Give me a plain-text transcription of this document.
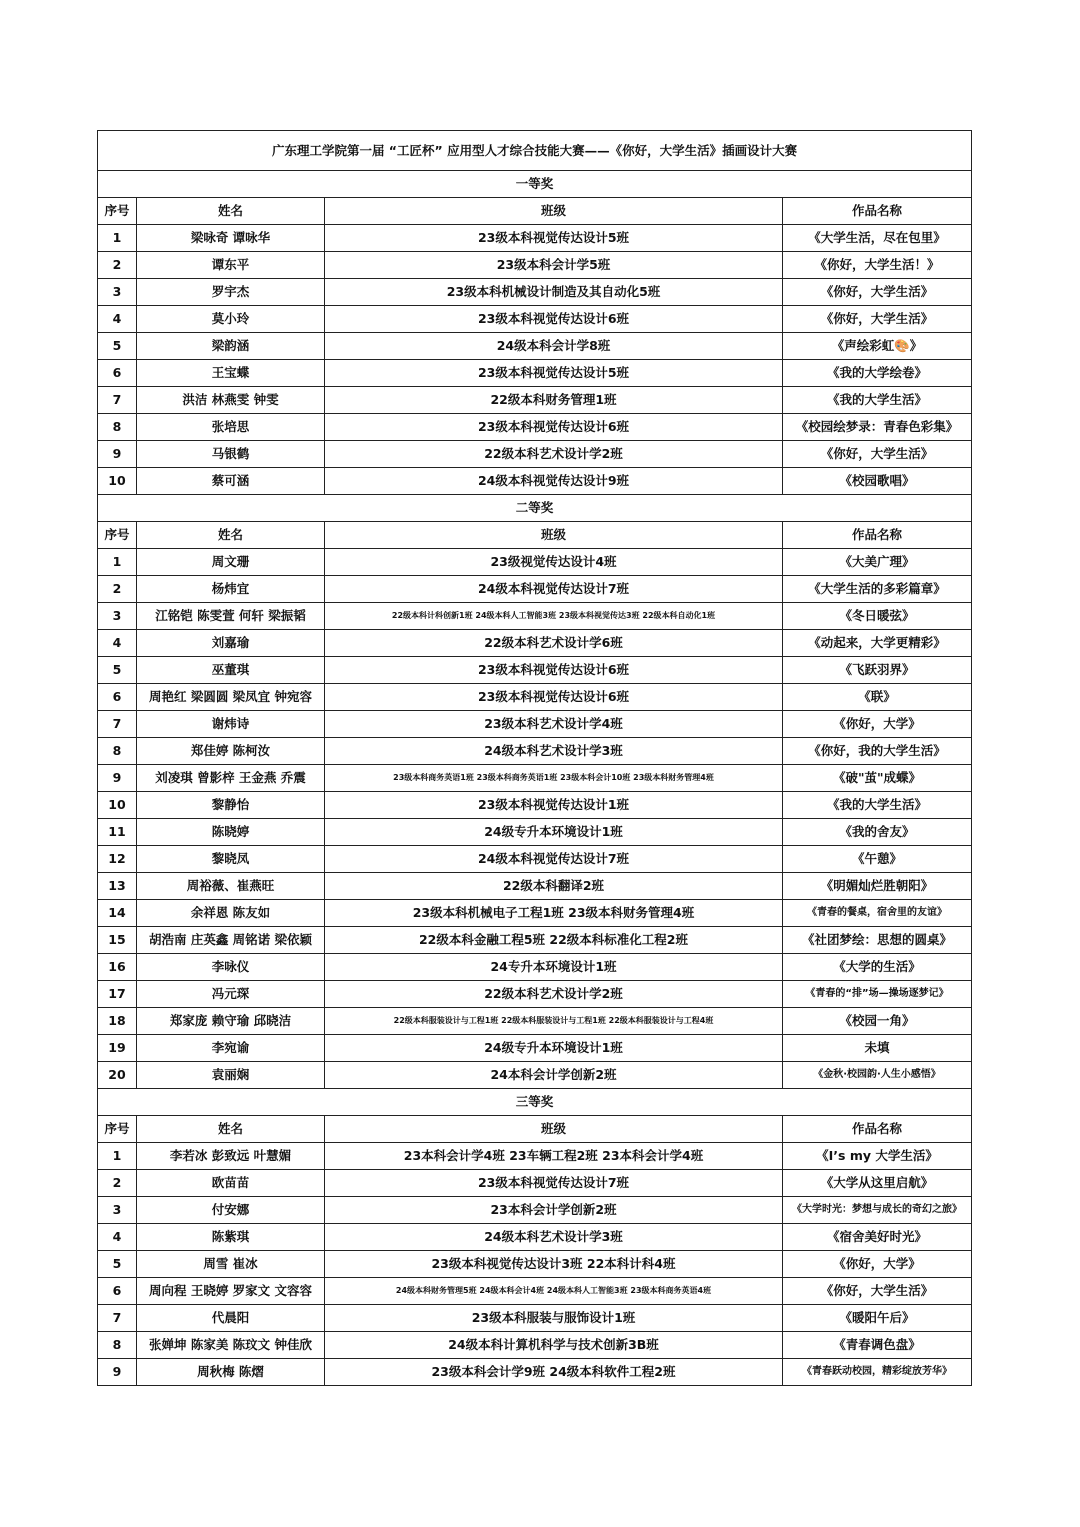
广东理工学院第一届 “工匠杯” 应用型人才综合技能大赛——《你好，大学生活》插画设计大赛			
一等奖			
序号	姓名	班级	作品名称
1	梁咏奇 谭咏华	23级本科视觉传达设计5班	《大学生活，尽在包里》
2	谭东平	23级本科会计学5班	《你好，大学生活！》
3	罗宇杰	23级本科机械设计制造及其自动化5班	《你好，大学生活》
4	莫小玲	23级本科视觉传达设计6班	《你好，大学生活》
5	梁韵涵	24级本科会计学8班	《声绘彩虹🎨》
6	王宝蝶	23级本科视觉传达设计5班	《我的大学绘卷》
7	洪洁 林燕雯 钟雯	22级本科财务管理1班	《我的大学生活》
8	张培思	23级本科视觉传达设计6班	《校园绘梦录：青春色彩集》
9	马银鹤	22级本科艺术设计学2班	《你好，大学生活》
10	蔡可涵	24级本科视觉传达设计9班	《校园歌唱》
二等奖			
序号	姓名	班级	作品名称
1	周文珊	23级视觉传达设计4班	《大美广理》
2	杨炜宜	24级本科视觉传达设计7班	《大学生活的多彩篇章》
3	江铭铠 陈雯萱 何轩 梁振韬	22级本科计科创新1班 24级本科人工智能3班 23级本科视觉传达3班 22级本科自动化1班	《冬日暖弦》
4	刘嘉瑜	22级本科艺术设计学6班	《动起来，大学更精彩》
5	巫董琪	23级本科视觉传达设计6班	《飞跃羽界》
6	周艳红 梁圆圆 梁凤宜 钟宛容	23级本科视觉传达设计6班	《联》
7	谢炜诗	23级本科艺术设计学4班	《你好，大学》
8	郑佳婷 陈柯汝	24级本科艺术设计学3班	《你好，我的大学生活》
9	刘凌琪 曾影梓 王金燕 乔震	23级本科商务英语1班 23级本科商务英语1班 23级本科会计10班 23级本科财务管理4班	《破"茧"成蝶》
10	黎静怡	23级本科视觉传达设计1班	《我的大学生活》
11	陈晓婷	24级专升本环境设计1班	《我的舍友》
12	黎晓凤	24级本科视觉传达设计7班	《午憩》
13	周裕薇、崔燕旺	22级本科翻译2班	《明媚灿烂胜朝阳》
14	余祥恩 陈友如	23级本科机械电子工程1班 23级本科财务管理4班	《青春的餐桌，宿舍里的友谊》
15	胡浩南 庄英鑫 周铭诺 梁依颖	22级本科金融工程5班 22级本科标准化工程2班	《社团梦绘：思想的圆桌》
16	李咏仪	24专升本环境设计1班	《大学的生活》
17	冯元琛	22级本科艺术设计学2班	《青春的“排”场—操场逐梦记》
18	郑家庞 赖守瑜 邱晓洁	22级本科服装设计与工程1班 22级本科服装设计与工程1班 22级本科服装设计与工程4班	《校园一角》
19	李宛谕	24级专升本环境设计1班	未填
20	袁丽娴	24本科会计学创新2班	《金秋·校园韵·人生小感悟》
三等奖			
序号	姓名	班级	作品名称
1	李若冰 彭致远 叶慧媚	23本科会计学4班 23车辆工程2班 23本科会计学4班	《I’s my 大学生活》
2	欧苗苗	23级本科视觉传达设计7班	《大学从这里启航》
3	付安娜	23本科会计学创新2班	《大学时光：梦想与成长的奇幻之旅》
4	陈紫琪	24级本科艺术设计学3班	《宿舍美好时光》
5	周雪 崔冰	23级本科视觉传达设计3班 22本科计科4班	《你好，大学》
6	周向程 王晓婷 罗家文 文容容	24级本科财务管理5班 24级本科会计4班 24级本科人工智能3班 23级本科商务英语4班	《你好，大学生活》
7	代晨阳	23级本科服装与服饰设计1班	《暖阳午后》
8	张婵坤 陈家美 陈玟文 钟佳欣	24级本科计算机科学与技术创新3B班	《青春调色盘》
9	周秋梅 陈熠	23级本科会计学9班 24级本科软件工程2班	《青春跃动校园，精彩绽放芳华》
